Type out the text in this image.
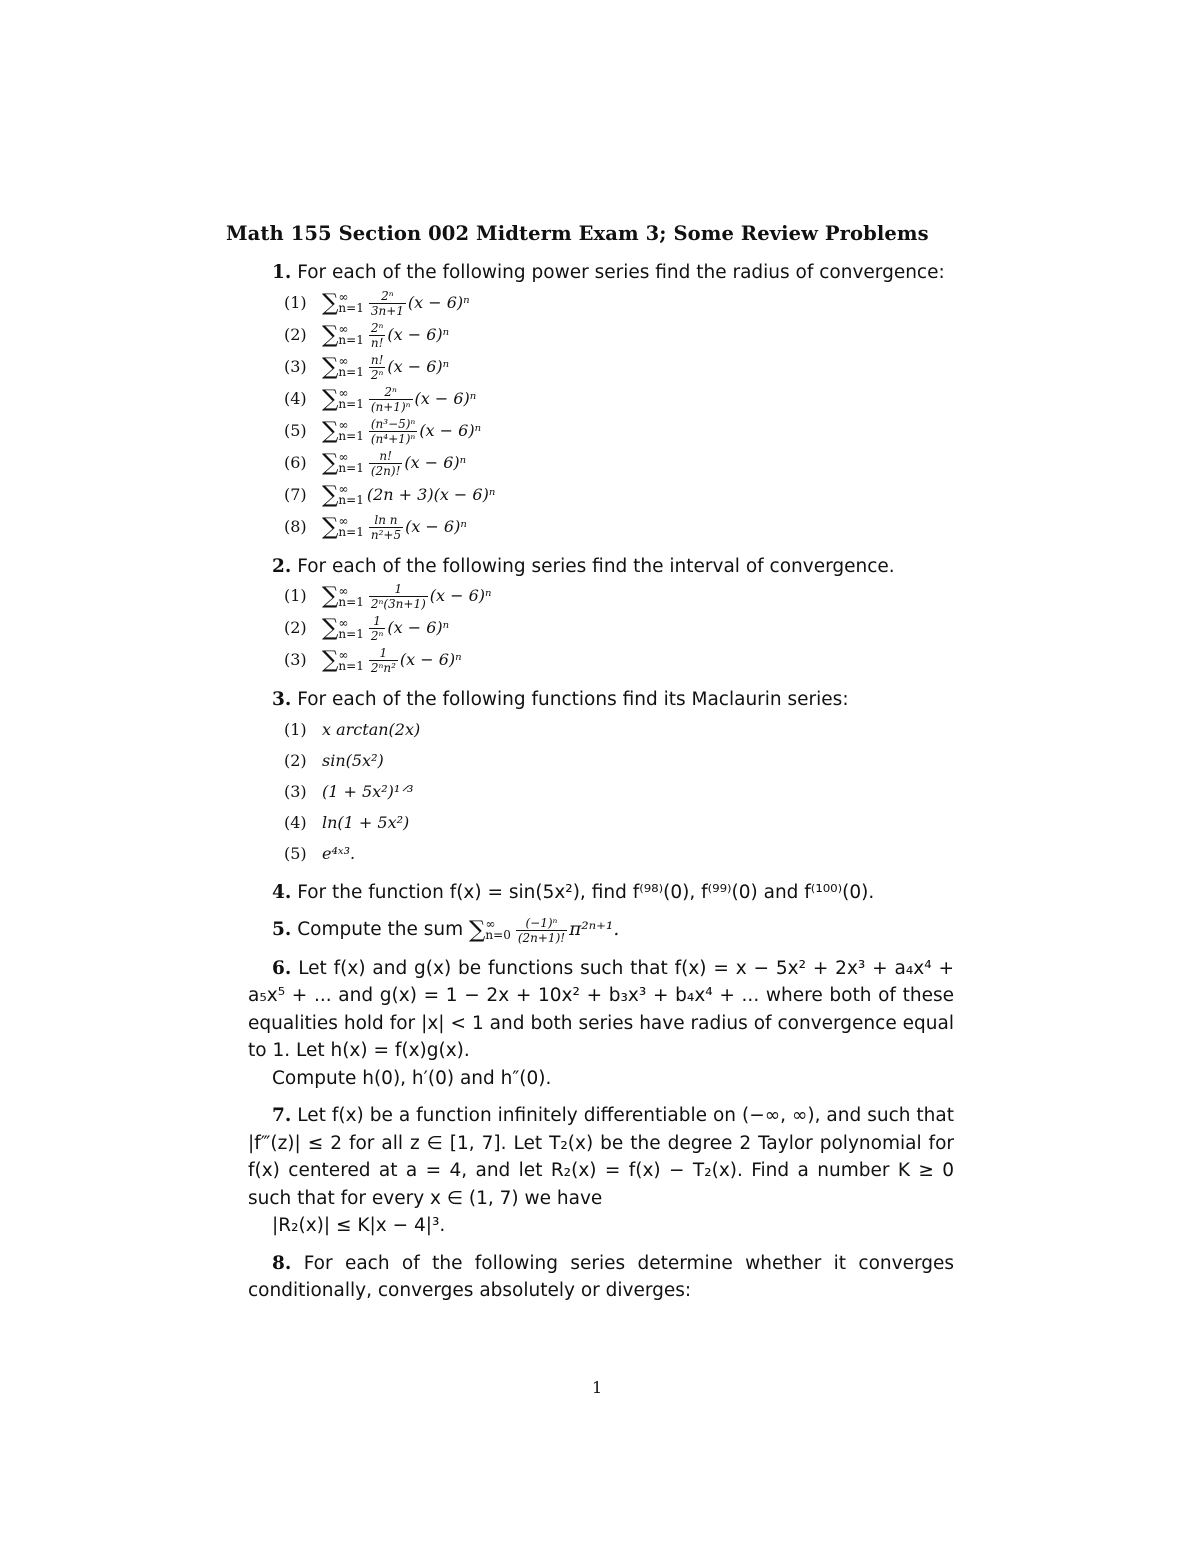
Math 155 Section 002 Midterm Exam 3; Some Review Problems
1. For each of the following power series find the radius of convergence:
(1) ∑ ∞
$n=1 \frac{\text{2ⁿ}}{3n+1} (x - 6)^n$
(2) ∑ ∞
$n=1 \frac{\text{2ⁿ}}{n!} (x - 6)^n$
(3) ∑ ∞
$n=1 \frac{n!}{\text{2ⁿ}} (x - 6)^n$
(4) ∑ ∞
$n=1 \frac{\text{2ⁿ}}{\text{(n+1)ⁿ}} (x - 6)^n$
(5) ∑ ∞
$n=1 \frac{\text{(n³−5)ⁿ}}{\text{(n⁴+1)ⁿ}} (x - 6)^n$
(6) ∑ ∞
$n=1 \frac{n!}{(2n)!} (x - 6)^n$
(7) ∑ ∞
n=1 (2n + 3)(x − 6)ⁿ
(8) ∑ ∞
$n=1 \frac{\text{ln n}}{\text{n²+5}} (x - 6)^n$
2. For each of the following series find the interval of convergence.
(1) ∑ ∞
$n=1 \frac{1}{\text{2ⁿ(3n+1)}} (x - 6)^n$
(2) ∑ ∞
$n=1 \frac{1}{\text{2ⁿ}} (x - 6)^n$
(3) ∑ ∞
$n=1 \frac{1}{\text{2ⁿn²}} (x - 6)^n$
3. For each of the following functions find its Maclaurin series:
(1) x arctan(2x)
(2) sin(5x²)
(3) (1 + 5x²)¹ᐟ³
(4) ln(1 + 5x²)
(5) e⁴ˣ³.
4. For the function f(x) = sin(5x²), find f⁽⁹⁸⁾(0), f⁽⁹⁹⁾(0) and f⁽¹⁰⁰⁾(0).
5. Compute the sum ∑ ∞
$n=0 \frac{\text{(−1)ⁿ}}{(2n+1)!} \pi^{2n+1}$.
6. Let f(x) and g(x) be functions such that f(x) = x − 5x² + 2x³ + a₄x⁴ + a₅x⁵ + ... and g(x) = 1 − 2x + 10x² + b₃x³ + b₄x⁴ + ... where both of these equalities hold for |x| < 1 and both series have radius of convergence equal to 1. Let h(x) = f(x)g(x).
Compute h(0), h′(0) and h″(0).
7. Let f(x) be a function infinitely differentiable on (−∞, ∞), and such that |f‴(z)| ≤ 2 for all z ∈ [1, 7]. Let T₂(x) be the degree 2 Taylor polynomial for f(x) centered at a = 4, and let R₂(x) = f(x) − T₂(x). Find a number K ≥ 0 such that for every x ∈ (1, 7) we have
|R₂(x)| ≤ K|x − 4|³.
8. For each of the following series determine whether it converges conditionally, converges absolutely or diverges:
1
